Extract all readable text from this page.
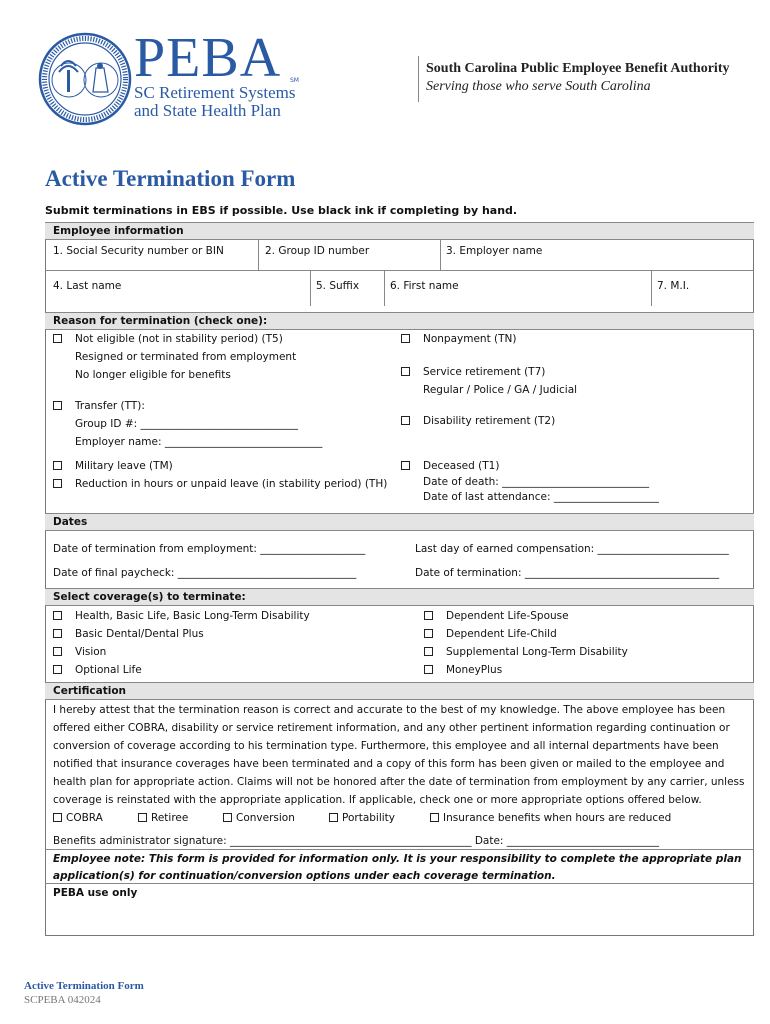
PEBA SM
SC Retirement Systems
and State Health Plan
South Carolina Public Employee Benefit Authority
Serving those who serve South Carolina
Active Termination Form
Submit terminations in EBS if possible. Use black ink if completing by hand.
Employee information
1. Social Security number or BIN	2. Group ID number	3. Employer name
4. Last name	5. Suffix	6. First name	7. M.I.
Reason for termination (check one):
Not eligible (not in stability period) (T5)
Resigned or terminated from employment
No longer eligible for benefits
Transfer (TT):
Group ID #: ______________________________
Employer name: ______________________________
Military leave (TM)
Reduction in hours or unpaid leave (in stability period) (TH)
Nonpayment (TN)
Service retirement (T7)
Regular / Police / GA / Judicial
Disability retirement (T2)
Deceased (T1)
Date of death: ____________________________
Date of last attendance: ____________________
Dates
Date of termination from employment: ____________________	Last day of earned compensation: _________________________
Date of final paycheck: __________________________________	Date of termination: _____________________________________
Select coverage(s) to terminate:
Health, Basic Life, Basic Long-Term Disability
Basic Dental/Dental Plus
Vision
Optional Life
Dependent Life-Spouse
Dependent Life-Child
Supplemental Long-Term Disability
MoneyPlus
Certification
I hereby attest that the termination reason is correct and accurate to the best of my knowledge. The above employee has been offered either COBRA, disability or service retirement information, and any other pertinent information regarding continuation or conversion of coverage according to his termination type. Furthermore, this employee and all internal departments have been notified that insurance coverages have been terminated and a copy of this form has been given or mailed to the employee and health plan for appropriate action. Claims will not be honored after the date of termination from employment by any carrier, unless coverage is reinstated with the appropriate application. If applicable, check one or more appropriate options offered below.
COBRA	Retiree	Conversion	Portability	Insurance benefits when hours are reduced
Benefits administrator signature: ______________________________________________ Date: _____________________________
Employee note: This form is provided for information only. It is your responsibility to complete the appropriate plan application(s) for continuation/conversion options under each coverage termination.
PEBA use only
Active Termination Form
SCPEBA 042024
